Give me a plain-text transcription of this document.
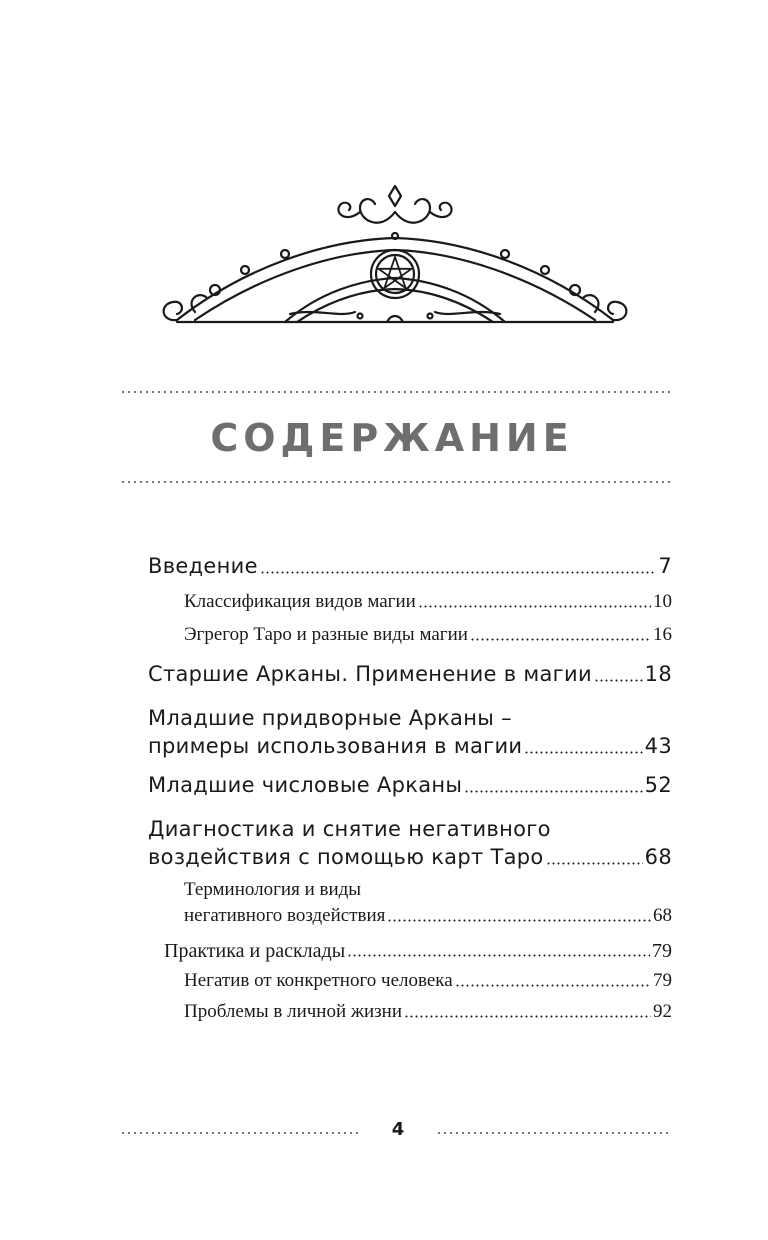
СОДЕРЖАНИЕ
Введение	7
Классификация видов магии	10
Эгрегор Таро и разные виды магии	16
Старшие Арканы. Применение в магии	18
Младшие придворные Арканы –
примеры использования в магии	43
Младшие числовые Арканы	52
Диагностика и снятие негативного
воздействия с помощью карт Таро	68
Терминология и виды
негативного воздействия	68
Практика и расклады	79
Негатив от конкретного человека	79
Проблемы в личной жизни	92
4
